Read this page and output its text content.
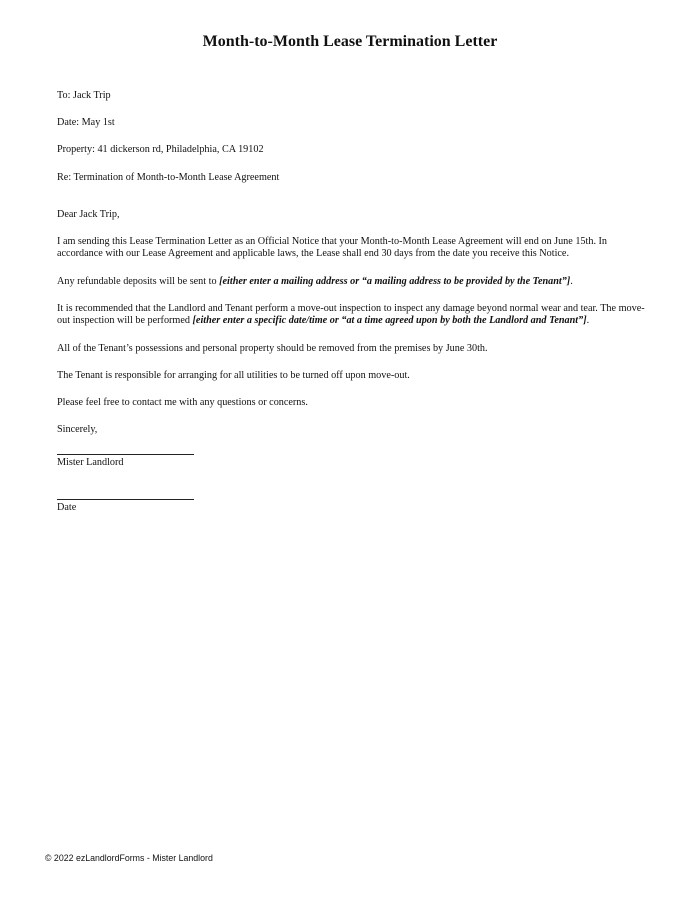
Month-to-Month Lease Termination Letter

To: Jack Trip

Date: May 1st

Property: 41 dickerson rd, Philadelphia, CA 19102

Re: Termination of Month-to-Month Lease Agreement

Dear Jack Trip,

I am sending this Lease Termination Letter as an Official Notice that your Month-to-Month Lease Agreement will end on June 15th. In accordance with our Lease Agreement and applicable laws, the Lease shall end 30 days from the date you receive this Notice.

Any refundable deposits will be sent to [either enter a mailing address or “a mailing address to be provided by the Tenant”].

It is recommended that the Landlord and Tenant perform a move-out inspection to inspect any damage beyond normal wear and tear. The move-out inspection will be performed [either enter a specific date/time or “at a time agreed upon by both the Landlord and Tenant”].

All of the Tenant’s possessions and personal property should be removed from the premises by June 30th.

The Tenant is responsible for arranging for all utilities to be turned off upon move-out.

Please feel free to contact me with any questions or concerns.

Sincerely,

Mister Landlord

Date

© 2022 ezLandlordForms - Mister Landlord
